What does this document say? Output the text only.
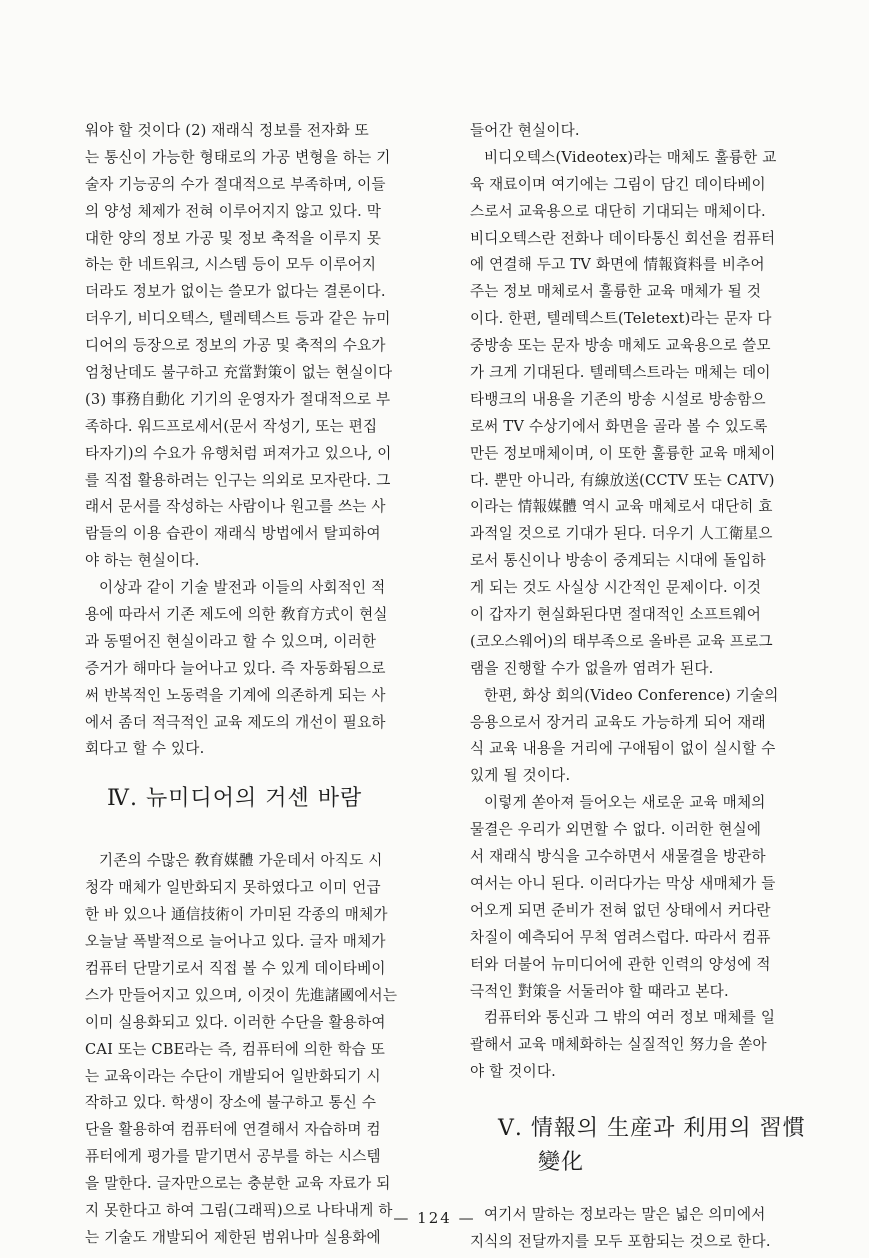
워야 할 것이다 (2) 재래식 정보를 전자화 또
는 통신이 가능한 형태로의 가공 변형을 하는 기
술자 기능공의 수가 절대적으로 부족하며, 이들
의 양성 체제가 전혀 이루어지지 않고 있다. 막
대한 양의 정보 가공 및 정보 축적을 이루지 못
하는 한 네트워크, 시스템 등이 모두 이루어지
더라도 정보가 없이는 쓸모가 없다는 결론이다.
더우기, 비디오텍스, 텔레텍스트 등과 같은 뉴미
디어의 등장으로 정보의 가공 및 축적의 수요가
엄청난데도 불구하고 充當對策이 없는 현실이다
(3) 事務自動化 기기의 운영자가 절대적으로 부
족하다. 워드프로세서(문서 작성기, 또는 편집
타자기)의 수요가 유행처럼 퍼져가고 있으나, 이
를 직접 활용하려는 인구는 의외로 모자란다. 그
래서 문서를 작성하는 사람이나 원고를 쓰는 사
람들의 이용 습관이 재래식 방법에서 탈피하여
야 하는 현실이다.
이상과 같이 기술 발전과 이들의 사회적인 적
용에 따라서 기존 제도에 의한 敎育方式이 현실
과 동떨어진 현실이라고 할 수 있으며, 이러한
증거가 해마다 늘어나고 있다. 즉 자동화됨으로
써 반복적인 노동력을 기계에 의존하게 되는 사
에서 좀더 적극적인 교육 제도의 개선이 필요하
회다고 할 수 있다.
Ⅳ. 뉴미디어의 거센 바람
기존의 수많은 敎育媒體 가운데서 아직도 시
청각 매체가 일반화되지 못하였다고 이미 언급
한 바 있으나 通信技術이 가미된 각종의 매체가
오늘날 폭발적으로 늘어나고 있다. 글자 매체가
컴퓨터 단말기로서 직접 볼 수 있게 데이타베이
스가 만들어지고 있으며, 이것이 先進諸國에서는
이미 실용화되고 있다. 이러한 수단을 활용하여
CAI 또는 CBE라는 즉, 컴퓨터에 의한 학습 또
는 교육이라는 수단이 개발되어 일반화되기 시
작하고 있다. 학생이 장소에 불구하고 통신 수
단을 활용하여 컴퓨터에 연결해서 자습하며 컴
퓨터에게 평가를 맡기면서 공부를 하는 시스템
을 말한다. 글자만으로는 충분한 교육 자료가 되
지 못한다고 하여 그림(그래픽)으로 나타내게 하
는 기술도 개발되어 제한된 범위나마 실용화에
들어간 현실이다.
비디오텍스(Videotex)라는 매체도 훌륭한 교
육 재료이며 여기에는 그림이 담긴 데이타베이
스로서 교육용으로 대단히 기대되는 매체이다.
비디오텍스란 전화나 데이타통신 회선을 컴퓨터
에 연결해 두고 TV 화면에 情報資料를 비추어
주는 정보 매체로서 훌륭한 교육 매체가 될 것
이다. 한편, 텔레텍스트(Teletext)라는 문자 다
중방송 또는 문자 방송 매체도 교육용으로 쓸모
가 크게 기대된다. 텔레텍스트라는 매체는 데이
타뱅크의 내용을 기존의 방송 시설로 방송함으
로써 TV 수상기에서 화면을 골라 볼 수 있도록
만든 정보매체이며, 이 또한 훌륭한 교육 매체이
다. 뿐만 아니라, 有線放送(CCTV 또는 CATV)
이라는 情報媒體 역시 교육 매체로서 대단히 효
과적일 것으로 기대가 된다. 더우기 人工衛星으
로서 통신이나 방송이 중계되는 시대에 돌입하
게 되는 것도 사실상 시간적인 문제이다. 이것
이 갑자기 현실화된다면 절대적인 소프트웨어
(코오스웨어)의 태부족으로 올바른 교육 프로그
램을 진행할 수가 없을까 염려가 된다.
한편, 화상 회의(Video Conference) 기술의
응용으로서 장거리 교육도 가능하게 되어 재래
식 교육 내용을 거리에 구애됨이 없이 실시할 수
있게 될 것이다.
이렇게 쏟아져 들어오는 새로운 교육 매체의
물결은 우리가 외면할 수 없다. 이러한 현실에
서 재래식 방식을 고수하면서 새물결을 방관하
여서는 아니 된다. 이러다가는 막상 새매체가 들
어오게 되면 준비가 전혀 없던 상태에서 커다란
차질이 예측되어 무척 염려스럽다. 따라서 컴퓨
터와 더불어 뉴미디어에 관한 인력의 양성에 적
극적인 對策을 서둘러야 할 때라고 본다.
컴퓨터와 통신과 그 밖의 여러 정보 매체를 일
괄해서 교육 매체화하는 실질적인 努力을 쏟아
야 할 것이다.
Ⅴ. 情報의 生産과 利用의 習慣
變化
여기서 말하는 정보라는 말은 넓은 의미에서
지식의 전달까지를 모두 포함되는 것으로 한다.
— 124 —
